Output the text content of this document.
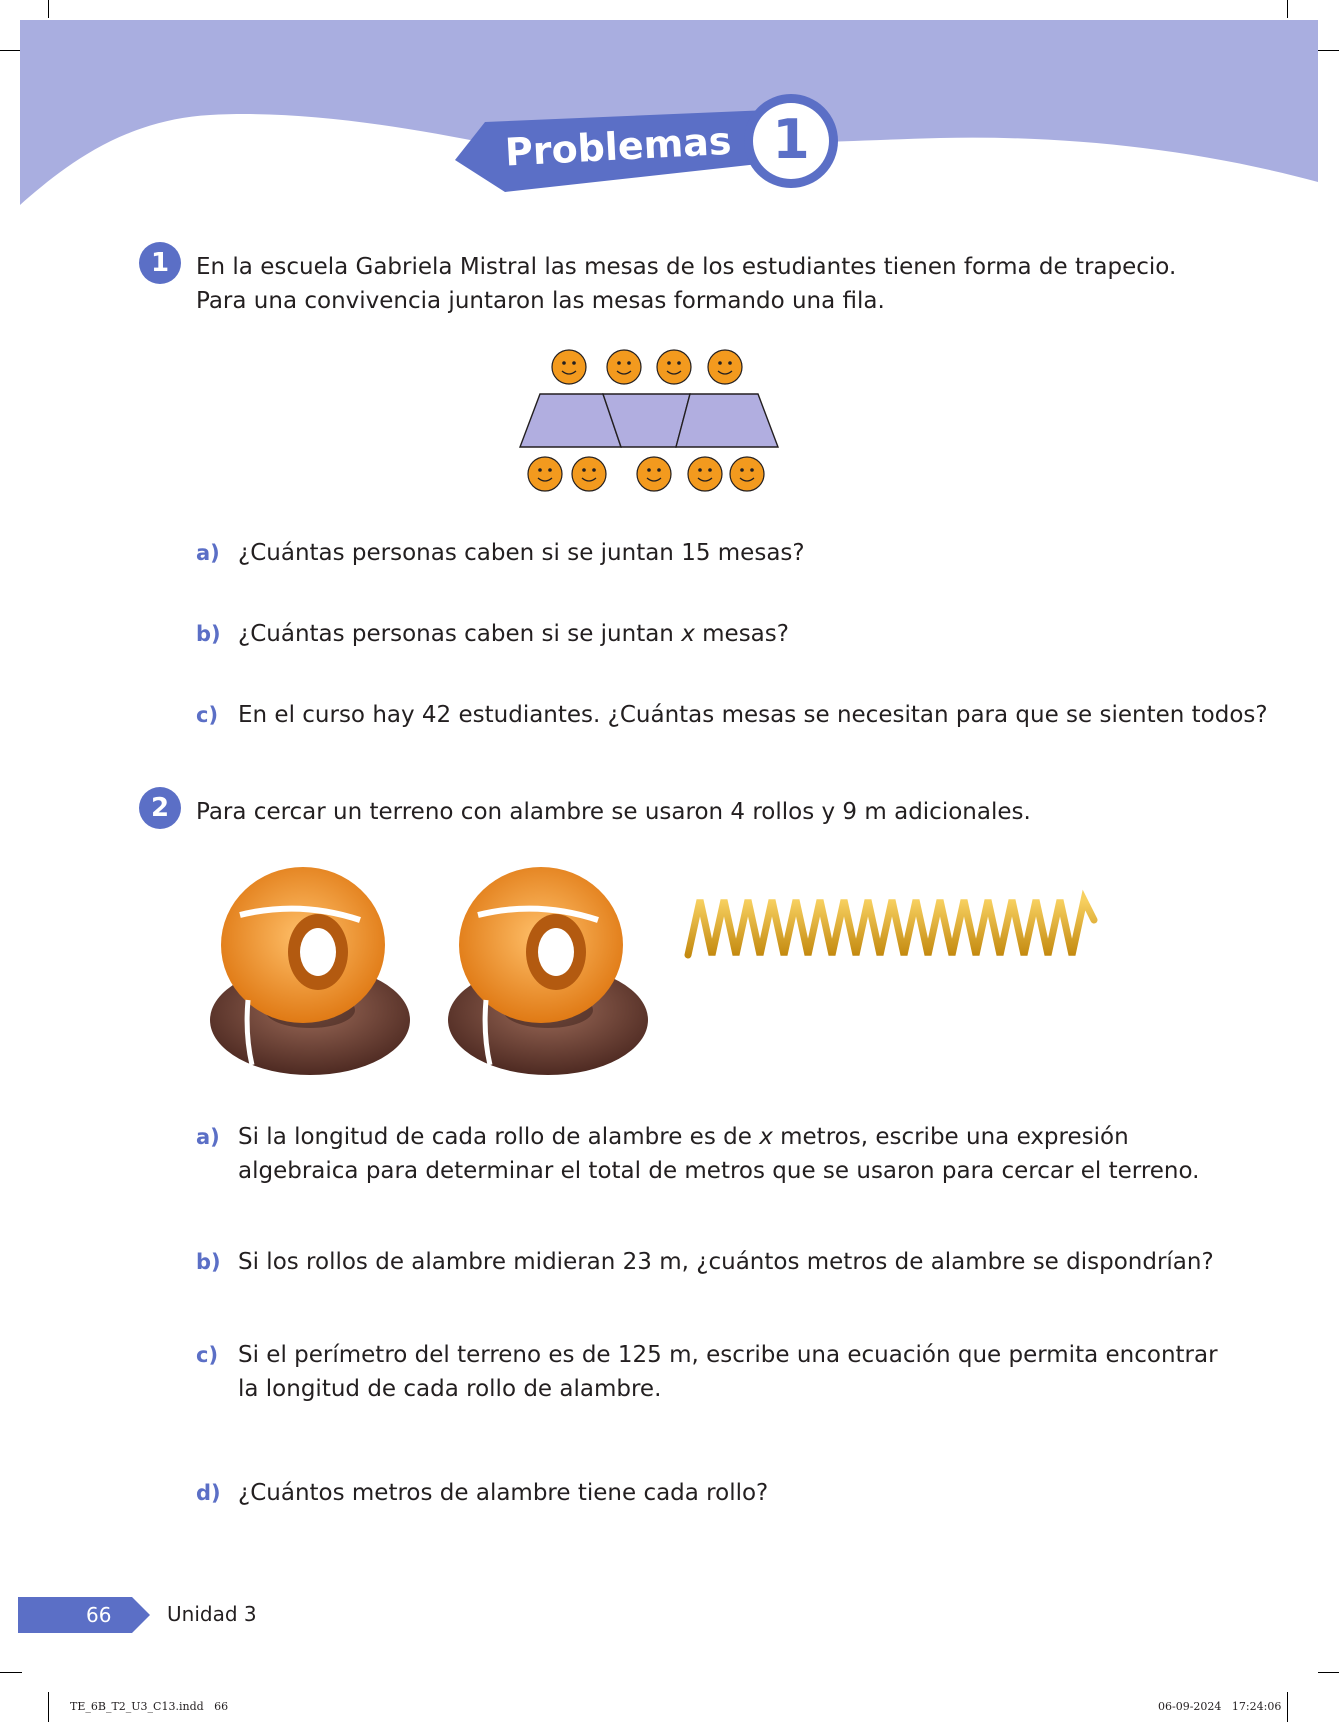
Problemas 1
1	En la escuela Gabriela Mistral las mesas de los estudiantes tienen forma de trapecio.
Para una convivencia juntaron las mesas formando una fila.
a) ¿Cuántas personas caben si se juntan 15 mesas?
b) ¿Cuántas personas caben si se juntan x mesas?
c) En el curso hay 42 estudiantes. ¿Cuántas mesas se necesitan para que se sienten todos?
2	Para cercar un terreno con alambre se usaron 4 rollos y 9 m adicionales.
a) Si la longitud de cada rollo de alambre es de x metros, escribe una expresión
algebraica para determinar el total de metros que se usaron para cercar el terreno.
b) Si los rollos de alambre midieran 23 m, ¿cuántos metros de alambre se dispondrían?
c) Si el perímetro del terreno es de 125 m, escribe una ecuación que permita encontrar
la longitud de cada rollo de alambre.
d) ¿Cuántos metros de alambre tiene cada rollo?
66	Unidad 3
TE_6B_T2_U3_C13.indd   66	06-09-2024   17:24:06
